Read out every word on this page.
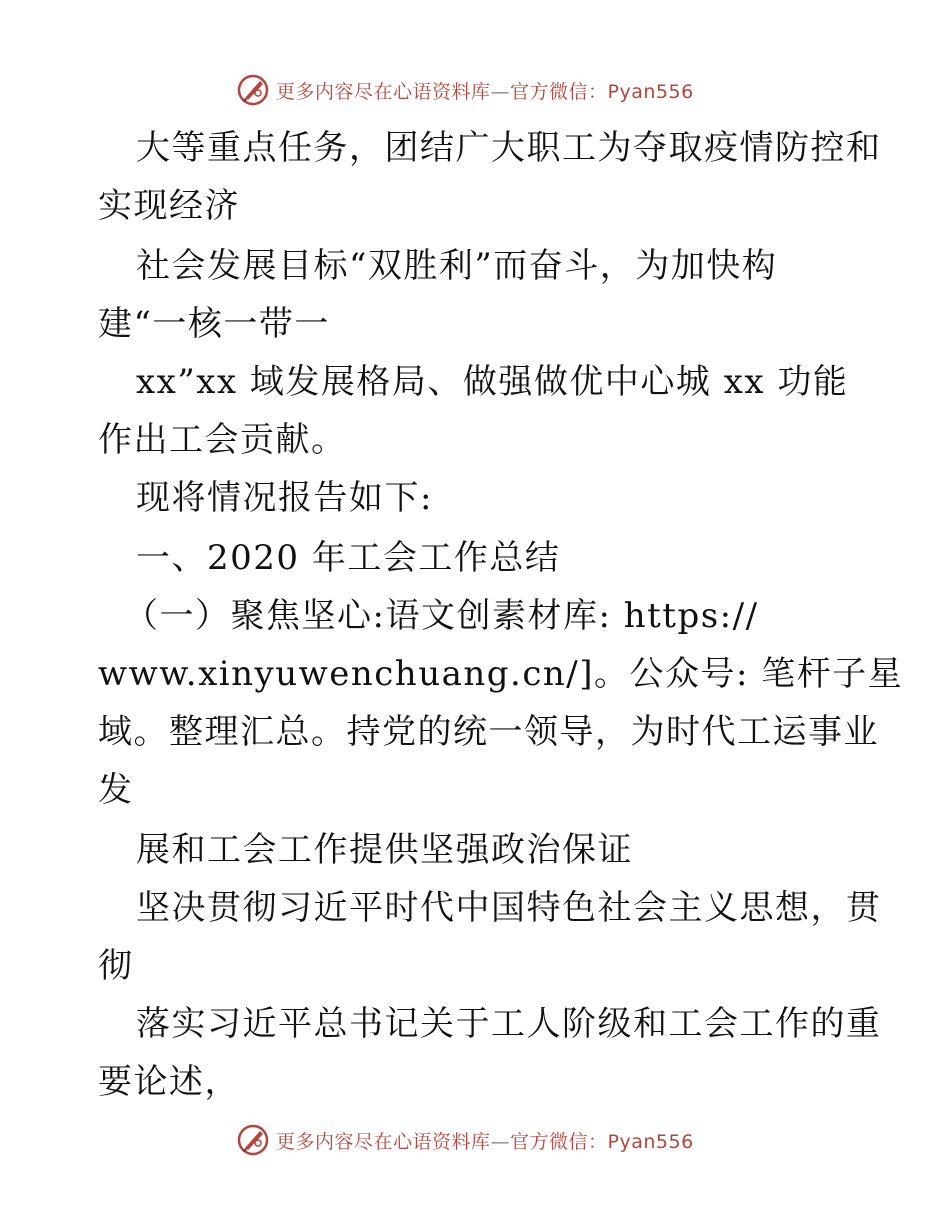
更多内容尽在心语资料库—官方微信：Pyan556
大等重点任务，团结广大职工为夺取疫情防控和
实现经济
社会发展目标“双胜利”而奋斗，为加快构
建“一核一带一
xx”xx 域发展格局、做强做优中心城 xx 功能
作出工会贡献。
现将情况报告如下:
一、2020 年工会工作总结
（一）聚焦坚心:语文创素材库: https://
www.xinyuwenchuang.cn/]。公众号: 笔杆子星
域。整理汇总。持党的统一领导，为时代工运事业
发
展和工会工作提供坚强政治保证
坚决贯彻习近平时代中国特色社会主义思想，贯
彻
落实习近平总书记关于工人阶级和工会工作的重
要论述，
更多内容尽在心语资料库—官方微信：Pyan556
